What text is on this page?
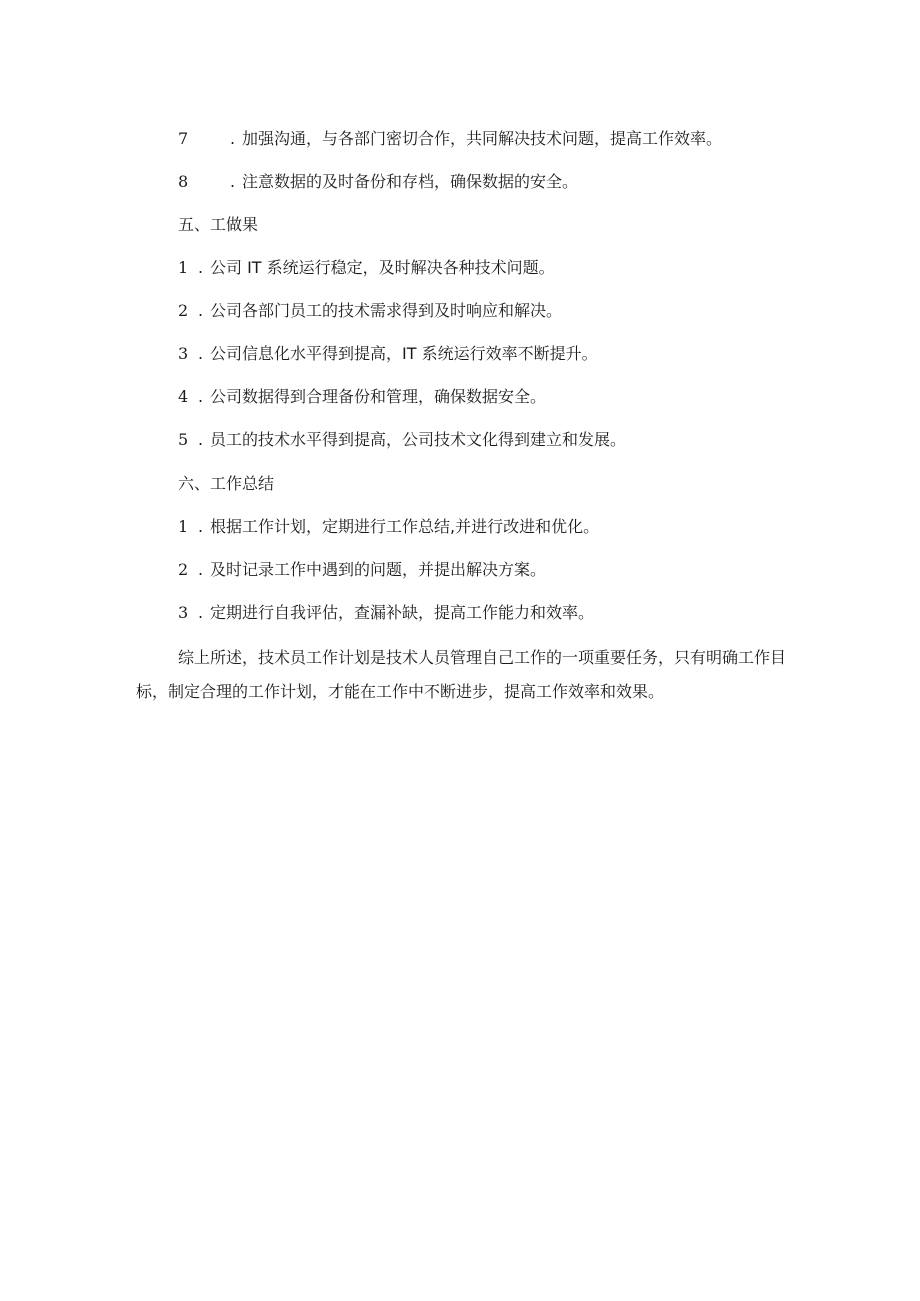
7	. 加强沟通，与各部门密切合作，共同解决技术问题，提高工作效率。
8	. 注意数据的及时备份和存档，确保数据的安全。
五、工做果
1 . 公司 IT 系统运行稳定，及时解决各种技术问题。
2 . 公司各部门员工的技术需求得到及时响应和解决。
3 . 公司信息化水平得到提高，IT 系统运行效率不断提升。
4 . 公司数据得到合理备份和管理，确保数据安全。
5 . 员工的技术水平得到提高，公司技术文化得到建立和发展。
六、工作总结
1 . 根据工作计划，定期进行工作总结,并进行改进和优化。
2 . 及时记录工作中遇到的问题，并提出解决方案。
3 . 定期进行自我评估，查漏补缺，提高工作能力和效率。
综上所述，技术员工作计划是技术人员管理自己工作的一项重要任务，只有明确工作目标，制定合理的工作计划，才能在工作中不断进步，提高工作效率和效果。
